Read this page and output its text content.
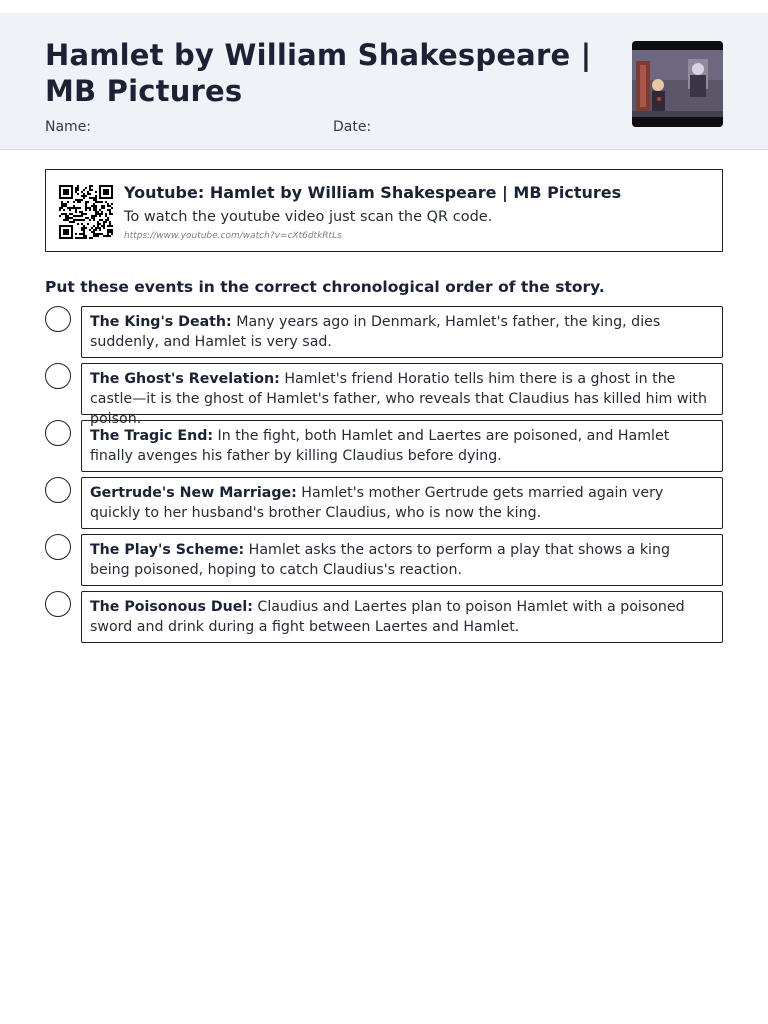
Hamlet by William Shakespeare | MB Pictures
Name:	Date:
Youtube: Hamlet by William Shakespeare | MB Pictures
To watch the youtube video just scan the QR code.
https://www.youtube.com/watch?v=cXt6dtkRtLs
Put these events in the correct chronological order of the story.
The King's Death: Many years ago in Denmark, Hamlet's father, the king, dies suddenly, and Hamlet is very sad.
The Ghost's Revelation: Hamlet's friend Horatio tells him there is a ghost in the castle—it is the ghost of Hamlet's father, who reveals that Claudius has killed him with poison.
The Tragic End: In the fight, both Hamlet and Laertes are poisoned, and Hamlet finally avenges his father by killing Claudius before dying.
Gertrude's New Marriage: Hamlet's mother Gertrude gets married again very quickly to her husband's brother Claudius, who is now the king.
The Play's Scheme: Hamlet asks the actors to perform a play that shows a king being poisoned, hoping to catch Claudius's reaction.
The Poisonous Duel: Claudius and Laertes plan to poison Hamlet with a poisoned sword and drink during a fight between Laertes and Hamlet.
